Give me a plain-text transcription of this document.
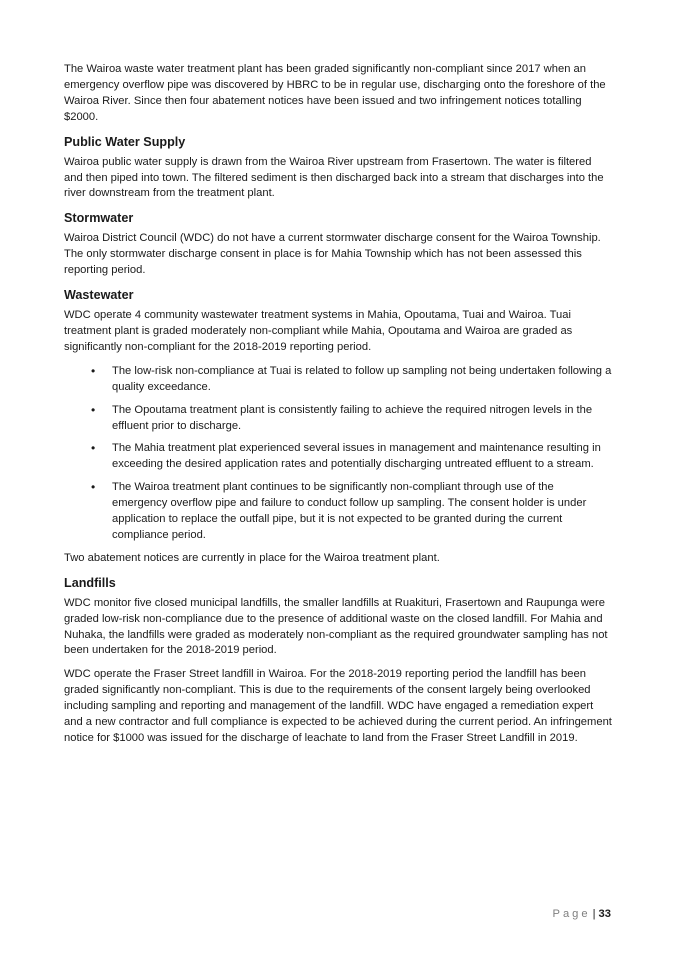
The Wairoa waste water treatment plant has been graded significantly non-compliant since 2017 when an emergency overflow pipe was discovered by HBRC to be in regular use, discharging onto the foreshore of the Wairoa River. Since then four abatement notices have been issued and two infringement notices totalling $2000.

Public Water Supply

Wairoa public water supply is drawn from the Wairoa River upstream from Frasertown. The water is filtered and then piped into town. The filtered sediment is then discharged back into a stream that discharges into the river downstream from the treatment plant.

Stormwater

Wairoa District Council (WDC) do not have a current stormwater discharge consent for the Wairoa Township. The only stormwater discharge consent in place is for Mahia Township which has not been assessed this reporting period.

Wastewater

WDC operate 4 community wastewater treatment systems in Mahia, Opoutama, Tuai and Wairoa. Tuai treatment plant is graded moderately non-compliant while Mahia, Opoutama and Wairoa are graded as significantly non-compliant for the 2018-2019 reporting period.

• The low-risk non-compliance at Tuai is related to follow up sampling not being undertaken following a quality exceedance.
• The Opoutama treatment plant is consistently failing to achieve the required nitrogen levels in the effluent prior to discharge.
• The Mahia treatment plat experienced several issues in management and maintenance resulting in exceeding the desired application rates and potentially discharging untreated effluent to a stream.
• The Wairoa treatment plant continues to be significantly non-compliant through use of the emergency overflow pipe and failure to conduct follow up sampling. The consent holder is under application to replace the outfall pipe, but it is not expected to be granted during the current compliance period.

Two abatement notices are currently in place for the Wairoa treatment plant.

Landfills

WDC monitor five closed municipal landfills, the smaller landfills at Ruakituri, Frasertown and Raupunga were graded low-risk non-compliance due to the presence of additional waste on the closed landfill. For Mahia and Nuhaka, the landfills were graded as moderately non-compliant as the required groundwater sampling has not been undertaken for the 2018-2019 period.

WDC operate the Fraser Street landfill in Wairoa. For the 2018-2019 reporting period the landfill has been graded significantly non-compliant. This is due to the requirements of the consent largely being overlooked including sampling and reporting and management of the landfill. WDC have engaged a remediation expert and a new contractor and full compliance is expected to be achieved during the current period. An infringement notice for $1000 was issued for the discharge of leachate to land from the Fraser Street Landfill in 2019.

Page | 33
